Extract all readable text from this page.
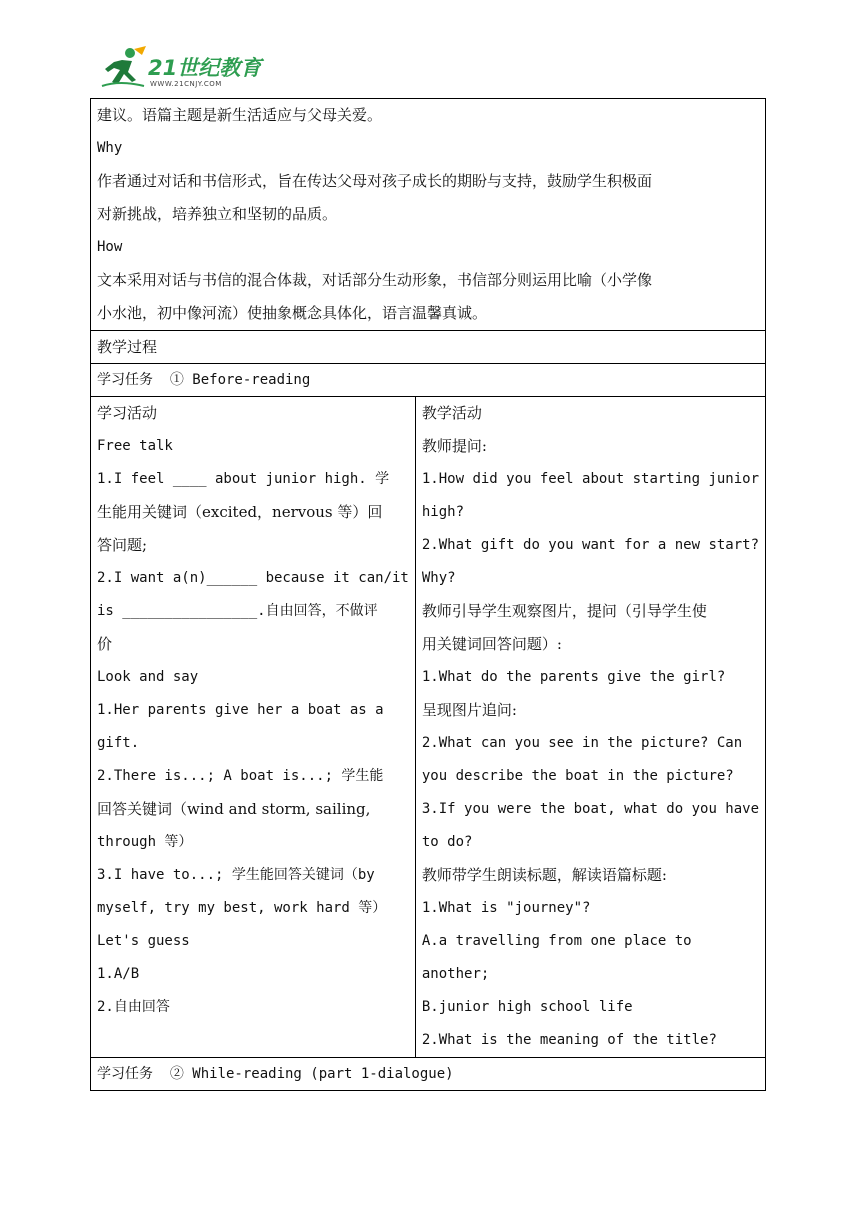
21世纪教育
WWW.21CNJY.COM
建议。语篇主题是新生活适应与父母关爱。
Why
作者通过对话和书信形式，旨在传达父母对孩子成长的期盼与支持，鼓励学生积极面
对新挑战，培养独立和坚韧的品质。
How
文本采用对话与书信的混合体裁，对话部分生动形象，书信部分则运用比喻（小学像
小水池，初中像河流）使抽象概念具体化，语言温馨真诚。

教学过程

学习任务  ① Before-reading

学习活动
Free talk
1.I feel ____ about junior high. 学
生能用关键词（excited，nervous 等）回
答问题;
2.I want a(n)______ because it can/it
is ________________.自由回答，不做评
价
Look and say
1.Her parents give her a boat as a
gift.
2.There is...; A boat is...; 学生能
回答关键词（wind and storm, sailing,
through 等）
3.I have to...; 学生能回答关键词（by
myself, try my best, work hard 等）
Let's guess
1.A/B
2.自由回答

教学活动
教师提问:
1.How did you feel about starting junior
high?
2.What gift do you want for a new start?
Why?
教师引导学生观察图片，提问（引导学生使
用关键词回答问题）:
1.What do the parents give the girl?
呈现图片追问:
2.What can you see in the picture? Can
you describe the boat in the picture?
3.If you were the boat, what do you have
to do?
教师带学生朗读标题，解读语篇标题:
1.What is "journey"?
A.a travelling from one place to
another;
B.junior high school life
2.What is the meaning of the title?

学习任务  ② While-reading (part 1-dialogue)
